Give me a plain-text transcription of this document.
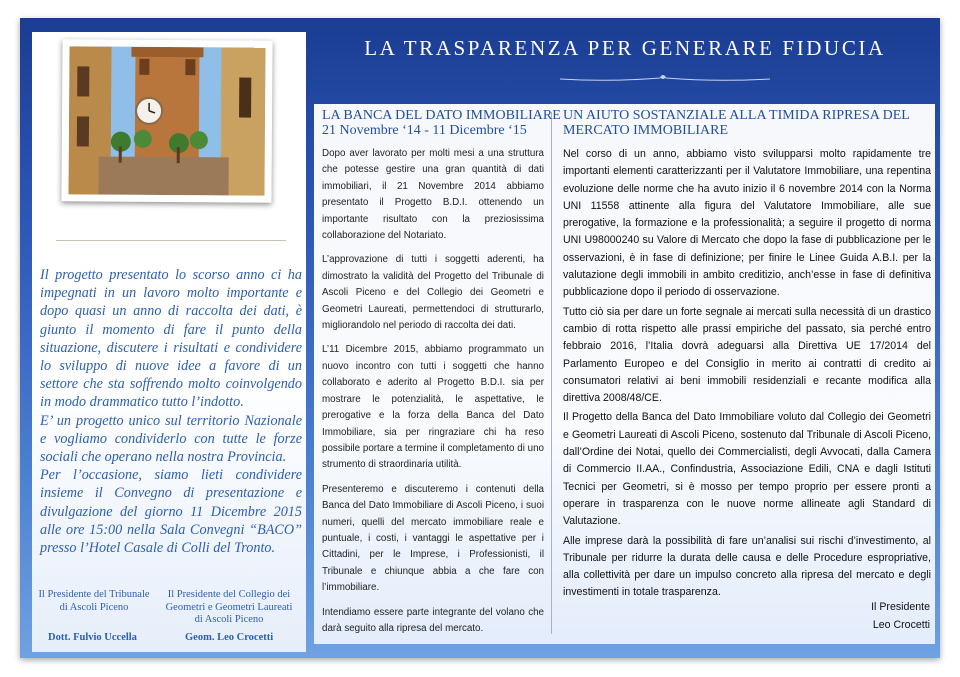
Il progetto presentato lo scorso anno ci ha impegnati in un lavoro molto importante e dopo quasi un anno di raccolta dei dati, è giunto il momento di fare il punto della situazione, discutere i risultati e condividere lo sviluppo di nuove idee a favore di un settore che sta soffrendo molto coinvolgendo in modo drammatico tutto l’indotto.

E’ un progetto unico sul territorio Nazionale e vogliamo condividerlo con tutte le forze sociali che operano nella nostra Provincia.

Per l’occasione, siamo lieti condividere insieme il Convegno di presentazione e divulgazione del giorno 11 Dicembre 2015 alle ore 15:00 nella Sala Convegni “BACO” presso l’Hotel Casale di Colli del Tronto.

Il Presidente del Tribunale
di Ascoli Piceno
Dott. Fulvio Uccella
Il Presidente del Collegio dei
Geometri e Geometri Laureati
di Ascoli Piceno
Geom. Leo Crocetti
LA TRASPARENZA PER GENERARE FIDUCIA
LA BANCA DEL DATO IMMOBILIARE
21 Novembre ‘14 - 11 Dicembre ‘15

Dopo aver lavorato per molti mesi a una struttura che potesse gestire una gran quantità di dati immobiliari, il 21 Novembre 2014 abbiamo presentato il Progetto B.D.I. ottenendo un importante risultato con la preziosissima collaborazione del Notariato.

L’approvazione di tutti i soggetti aderenti, ha dimostrato la validità del Progetto del Tribunale di Ascoli Piceno e del Collegio dei Geometri e Geometri Laureati, permettendoci di strutturarlo, migliorandolo nel periodo di raccolta dei dati.

L’11 Dicembre 2015, abbiamo programmato un nuovo incontro con tutti i soggetti che hanno collaborato e aderito al Progetto B.D.I. sia per mostrare le potenzialità, le aspettative, le prerogative e la forza della Banca del Dato Immobiliare, sia per ringraziare chi ha reso possibile portare a termine il completamento di uno strumento di straordinaria utilità.

Presenteremo e discuteremo i contenuti della Banca del Dato Immobiliare di Ascoli Piceno, i suoi numeri, quelli del mercato immobiliare reale e puntuale, i costi, i vantaggi le aspettative per i Cittadini, per le Imprese, i Professionisti, il Tribunale e chiunque abbia a che fare con l’immobiliare.

Intendiamo essere parte integrante del volano che darà seguito alla ripresa del mercato.

UN AIUTO SOSTANZIALE ALLA TIMIDA RIPRESA DEL
MERCATO IMMOBILIARE

Nel corso di un anno, abbiamo visto svilupparsi molto rapidamente tre importanti elementi caratterizzanti per il Valutatore Immobiliare, una repentina evoluzione delle norme che ha avuto inizio il 6 novembre 2014 con la Norma UNI 11558 attinente alla figura del Valutatore Immobiliare, alle sue prerogative, la formazione e la professionalità; a seguire il progetto di norma UNI U98000240 su Valore di Mercato che dopo la fase di pubblicazione per le osservazioni, è in fase di definizione; per finire le Linee Guida A.B.I. per la valutazione degli immobili in ambito creditizio, anch’esse in fase di definitiva pubblicazione dopo il periodo di osservazione.

Tutto ciò sia per dare un forte segnale ai mercati sulla necessità di un drastico cambio di rotta rispetto alle prassi empiriche del passato, sia perché entro febbraio 2016, l’Italia dovrà adeguarsi alla Direttiva UE 17/2014 del Parlamento Europeo e del Consiglio in merito ai contratti di credito ai consumatori relativi ai beni immobili residenziali e recante modifica alla direttiva 2008/48/CE.

Il Progetto della Banca del Dato Immobiliare voluto dal Collegio dei Geometri e Geometri Laureati di Ascoli Piceno, sostenuto dal Tribunale di Ascoli Piceno, dall’Ordine dei Notai, quello dei Commercialisti, degli Avvocati, dalla Camera di Commercio II.AA., Confindustria, Associazione Edili, CNA e dagli Istituti Tecnici per Geometri, si è mosso per tempo proprio per essere pronti a operare in trasparenza con le nuove norme allineate agli Standard di Valutazione.

Alle imprese darà la possibilità di fare un’analisi sui rischi d’investimento, al Tribunale per ridurre la durata delle causa e delle Procedure espropriative, alla collettività per dare un impulso concreto alla ripresa del mercato e degli investimenti in totale trasparenza.

Il Presidente
Leo Crocetti
